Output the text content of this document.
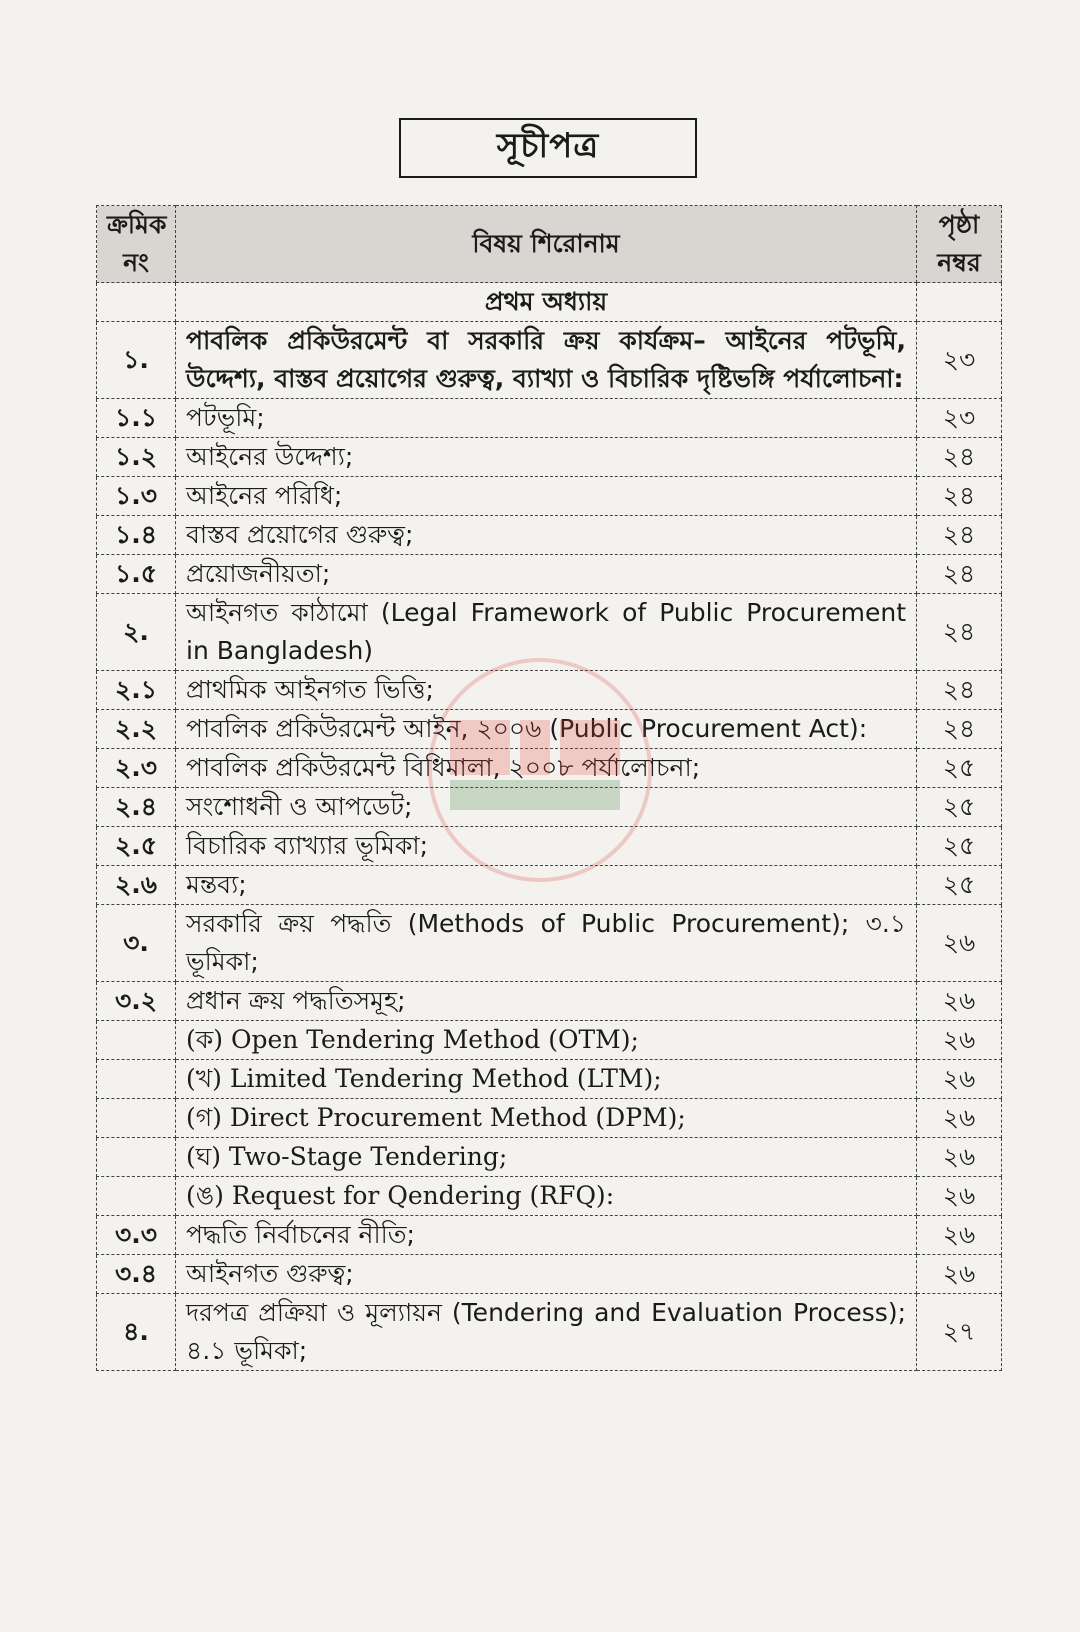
সূচীপত্র
ক্রমিক নং	বিষয় শিরোনাম	পৃষ্ঠা নম্বর
	প্রথম অধ্যায়	
১.	পাবলিক প্রকিউরমেন্ট বা সরকারি ক্রয় কার্যক্রম– আইনের পটভূমি, উদ্দেশ্য, বাস্তব প্রয়োগের গুরুত্ব, ব্যাখ্যা ও বিচারিক দৃষ্টিভঙ্গি পর্যালোচনা:	২৩
১.১	পটভূমি;	২৩
১.২	আইনের উদ্দেশ্য;	২৪
১.৩	আইনের পরিধি;	২৪
১.৪	বাস্তব প্রয়োগের গুরুত্ব;	২৪
১.৫	প্রয়োজনীয়তা;	২৪
২.	আইনগত কাঠামো (Legal Framework of Public Procurement in Bangladesh)	২৪
২.১	প্রাথমিক আইনগত ভিত্তি;	২৪
২.২	পাবলিক প্রকিউরমেন্ট আইন, ২০০৬ (Public Procurement Act):	২৪
২.৩	পাবলিক প্রকিউরমেন্ট বিধিমালা, ২০০৮ পর্যালোচনা;	২৫
২.৪	সংশোধনী ও আপডেট;	২৫
২.৫	বিচারিক ব্যাখ্যার ভূমিকা;	২৫
২.৬	মন্তব্য;	২৫
৩.	সরকারি ক্রয় পদ্ধতি (Methods of Public Procurement); ৩.১ ভূমিকা;	২৬
৩.২	প্রধান ক্রয় পদ্ধতিসমূহ;	২৬
	(ক) Open Tendering Method (OTM);	২৬
	(খ) Limited Tendering Method (LTM);	২৬
	(গ) Direct Procurement Method (DPM);	২৬
	(ঘ) Two-Stage Tendering;	২৬
	(ঙ) Request for Qendering (RFQ):	২৬
৩.৩	পদ্ধতি নির্বাচনের নীতি;	২৬
৩.৪	আইনগত গুরুত্ব;	২৬
৪.	দরপত্র প্রক্রিয়া ও মূল্যায়ন (Tendering and Evaluation Process); ৪.১ ভূমিকা;	২৭
